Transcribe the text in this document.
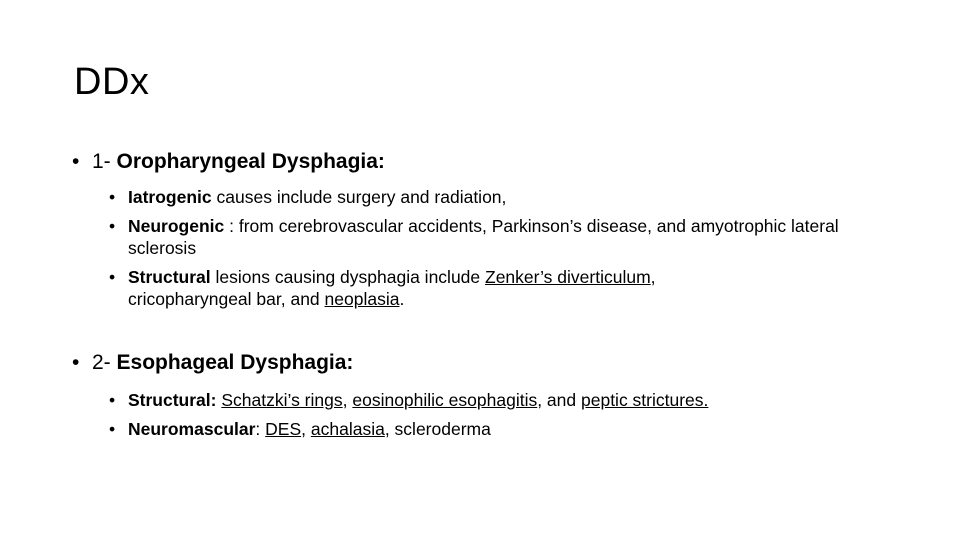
DDx
• 1- Oropharyngeal Dysphagia:
• Iatrogenic causes include surgery and radiation,
• Neurogenic : from cerebrovascular accidents, Parkinson’s disease, and amyotrophic lateral sclerosis
• Structural lesions causing dysphagia include Zenker’s diverticulum, cricopharyngeal bar, and neoplasia.
• 2- Esophageal Dysphagia:
• Structural: Schatzki’s rings, eosinophilic esophagitis, and peptic strictures.
• Neuromascular: DES, achalasia, scleroderma
